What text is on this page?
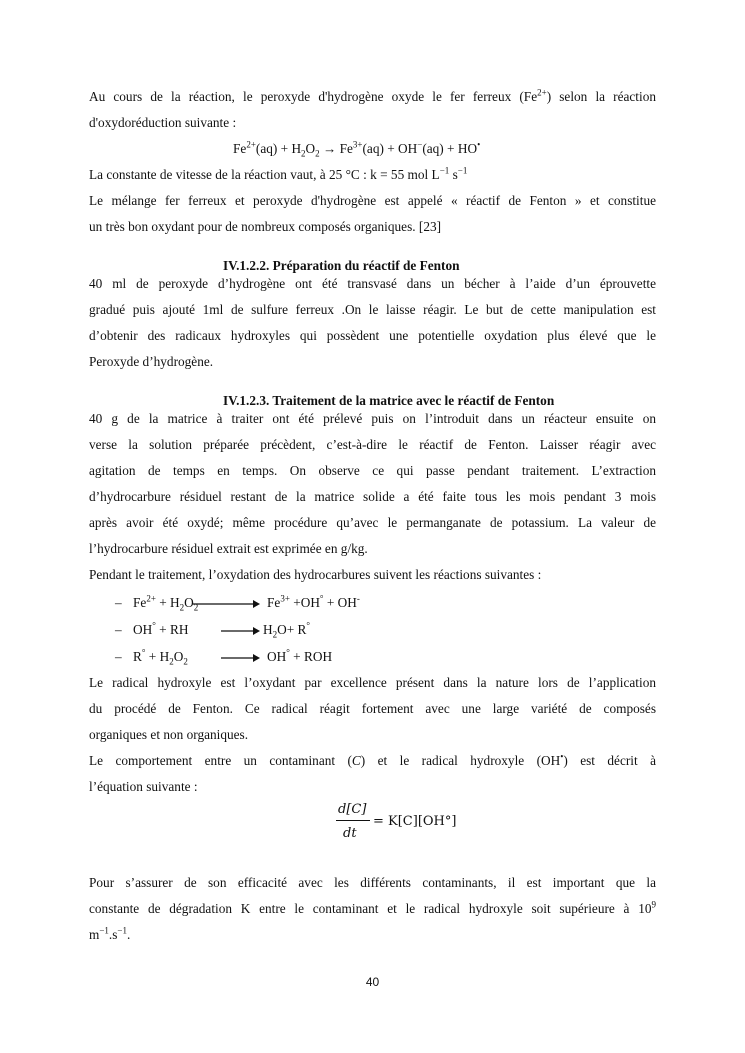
Au cours de la réaction, le peroxyde d'hydrogène oxyde le fer ferreux $(Fe^{2+})$ selon la réaction
d'oxydoréduction suivante :
$Fe^{2+}(aq) + H_2O_2 \to Fe^{3+}(aq) + OH^-(aq) + HO^•$
La constante de vitesse de la réaction vaut, à 25 °C : k = 55 mol $L^{-1}$ $s^{-1}$
Le mélange fer ferreux et peroxyde d'hydrogène est appelé « réactif de Fenton » et constitue
un très bon oxydant pour de nombreux composés organiques. [23]
IV.1.2.2. Préparation du réactif de Fenton
40 ml de peroxyde d’hydrogène ont été transvasé dans un bécher à l’aide d’un éprouvette
gradué puis ajouté 1ml de sulfure ferreux .On le laisse réagir. Le but de cette manipulation est
d’obtenir des radicaux hydroxyles qui possèdent une potentielle oxydation plus élevé que le
Peroxyde d’hydrogène.
IV.1.2.3. Traitement de la matrice avec le réactif de Fenton
40 g de la matrice à traiter ont été prélevé puis on l’introduit dans un réacteur ensuite on
verse la solution préparée précèdent, c’est-à-dire le réactif de Fenton. Laisser réagir avec
agitation de temps en temps. On observe ce qui passe pendant traitement. L’extraction
d’hydrocarbure résiduel restant de la matrice solide a été faite tous les mois pendant 3 mois
après avoir été oxydé; même procédure qu’avec le permanganate de potassium. La valeur de
l’hydrocarbure résiduel extrait est exprimée en g/kg.
Pendant le traitement, l’oxydation des hydrocarbures suivent les réactions suivantes :
– $Fe^{2+} + H_2O_2$	$Fe^{3+} +OH^\circ + OH^-$
– OH° + RH	$H_2O+ R^\circ$
– $R^\circ + H_2O_2$	OH° + ROH
Le radical hydroxyle est l’oxydant par excellence présent dans la nature lors de l’application
du procédé de Fenton. Ce radical réagit fortement avec une large variété de composés
organiques et non organiques.
Le comportement entre un contaminant (C) et le radical hydroxyle (OH•) est décrit à
l’équation suivante :
d[C]
dt
= K[C][OH°]
Pour s’assurer de son efficacité avec les différents contaminants, il est important que la
constante de dégradation K entre le contaminant et le radical hydroxyle soit supérieure à $10^9$
$m^{-1}.s^{-1}$.
40
